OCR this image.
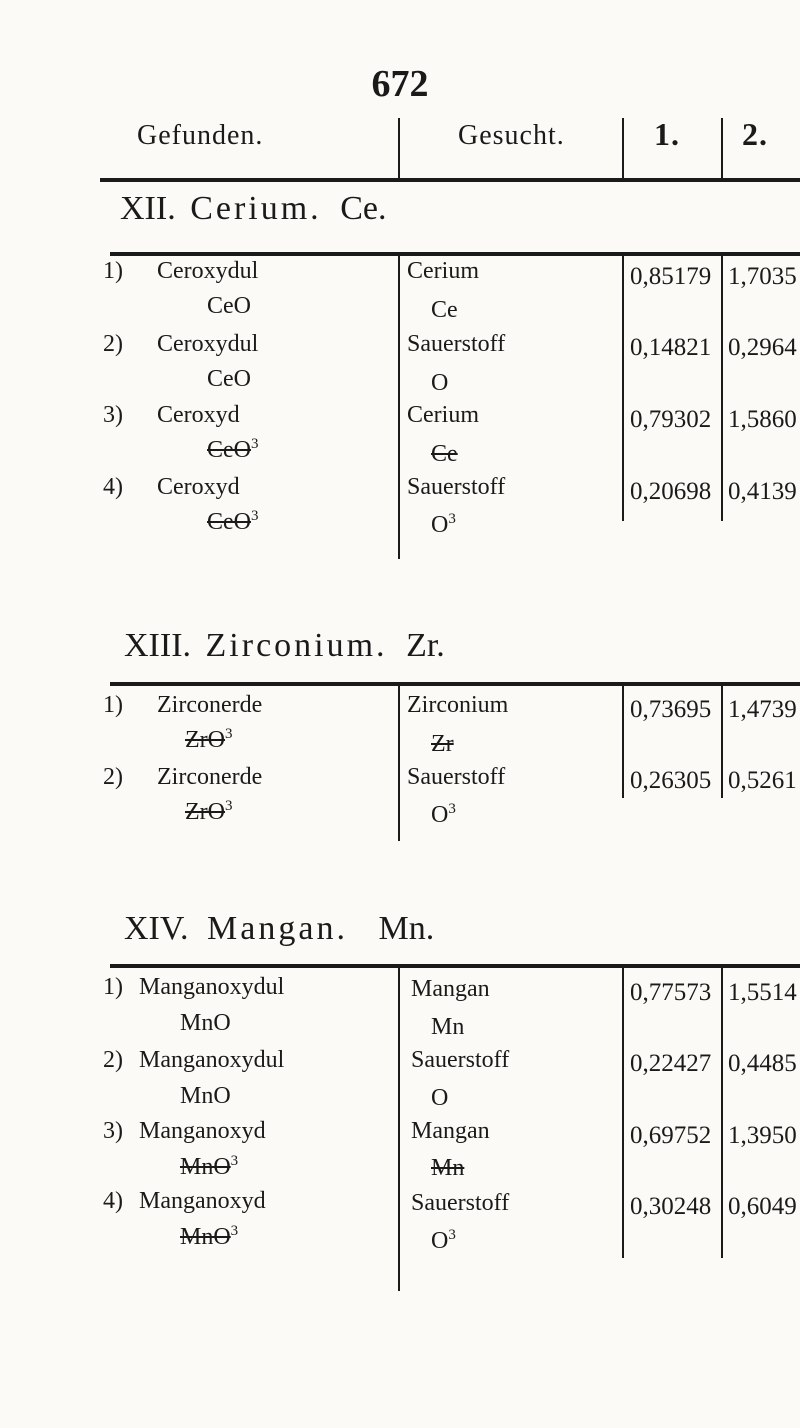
672
Gefunden.	Gesucht.	1. 2.
XII. Cerium. Ce.
1) Ceroxydul
CeO
Cerium
Ce
0,85179 1,7035
2) Ceroxydul
CeO
Sauerstoff
O
0,14821 0,2964
3) Ceroxyd
CeO$^3$
Cerium
Ce
0,79302 1,5860
4) Ceroxyd
CeO$^3$
Sauerstoff
$O^3$
0,20698 0,4139
XIII. Zirconium. Zr.
1) Zirconerde
ZrO$^3$
Zirconium
Zr
0,73695 1,4739
2) Zirconerde
ZrO$^3$
Sauerstoff
$O^3$
0,26305 0,5261
XIV. Mangan. Mn.
1) Manganoxydul
MnO
Mangan
Mn
0,77573 1,5514
2) Manganoxydul
MnO
Sauerstoff
O
0,22427 0,4485
3) Manganoxyd
MnO$^3$
Mangan
Mn
0,69752 1,3950
4) Manganoxyd
MnO$^3$
Sauerstoff
$O^3$
0,30248 0,6049
